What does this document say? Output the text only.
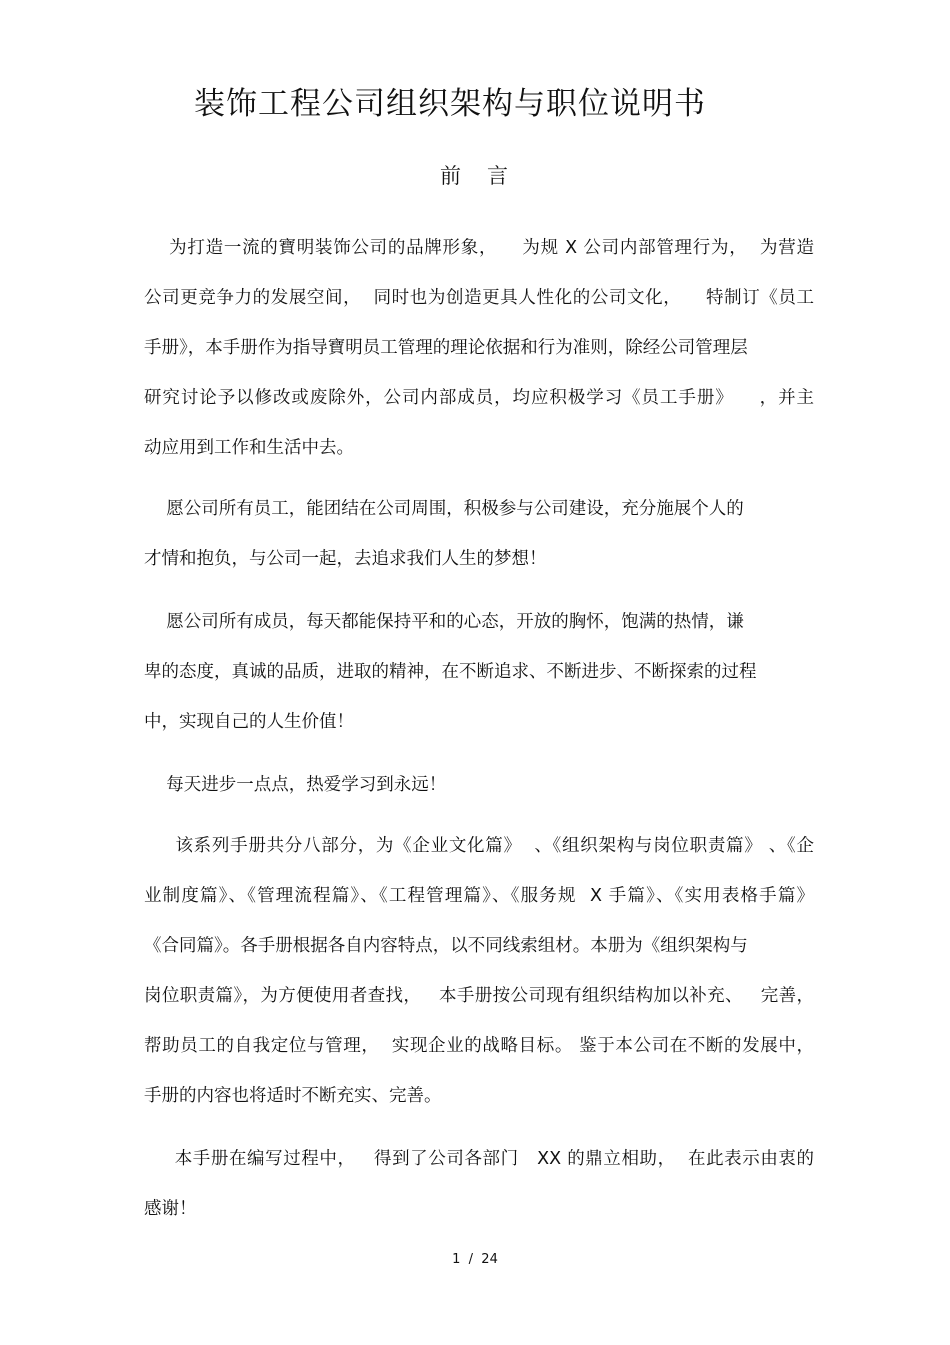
装饰工程公司组织架构与职位说明书
前言
为打造一流的寶明装饰公司的品牌形象，    为规 X 公司内部管理行为，  为营造
公司更竞争力的发展空间，  同时也为创造更具人性化的公司文化，    特制订《员工
手册》，本手册作为指导寶明员工管理的理论依据和行为准则，除经公司管理层
研究讨论予以修改或废除外，公司内部成员，均应积极学习《员工手册》    ，并主
动应用到工作和生活中去。
愿公司所有员工，能团结在公司周围，积极参与公司建设，充分施展个人的
才情和抱负，与公司一起，去追求我们人生的梦想！
愿公司所有成员，每天都能保持平和的心态，开放的胸怀，饱满的热情，谦
卑的态度，真诚的品质，进取的精神，在不断追求、不断进步、不断探索的过程
中，实现自己的人生价值！
每天进步一点点，热爱学习到永远！
该系列手册共分八部分，为《企业文化篇》  、《组织架构与岗位职责篇》 、《企
业制度篇》、《管理流程篇》、《工程管理篇》、《服务规  X 手篇》、《实用表格手篇》
《合同篇》。各手册根据各自内容特点，以不同线索组材。本册为《组织架构与
岗位职责篇》，为方便使用者查找，   本手册按公司现有组织结构加以补充、   完善，
帮助员工的自我定位与管理，  实现企业的战略目标。 鉴于本公司在不断的发展中，
手册的内容也将适时不断充实、完善。
本手册在编写过程中，   得到了公司各部门   XX 的鼎立相助，  在此表示由衷的
感谢！
1  /  24
